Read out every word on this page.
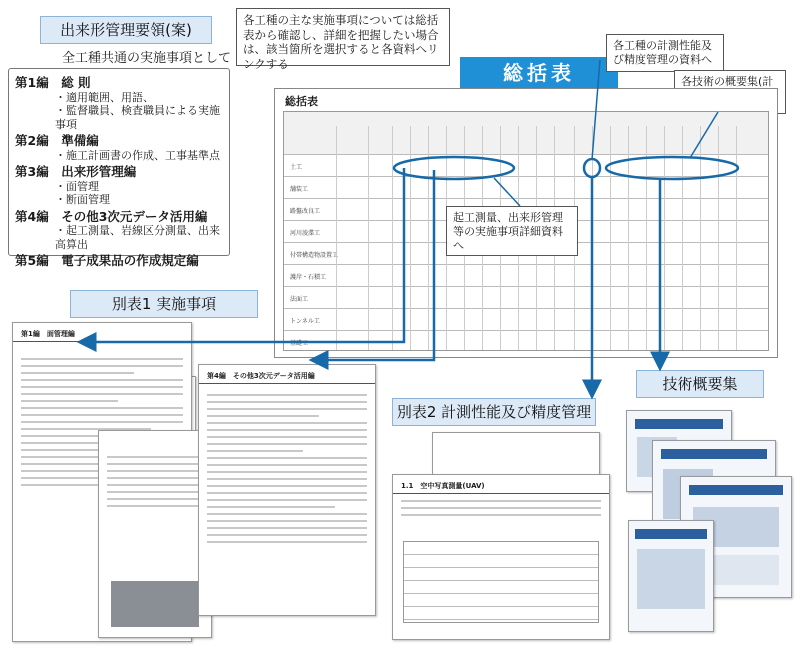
出来形管理要領(案)
全工種共通の実施事項として
第1編　総 則
・適用範囲、用語、
・監督職員、検査職員による実施事項
第2編　準備編
・施工計画書の作成、工事基準点
第3編　出来形管理編
・面管理
・断面管理
第4編　その他3次元データ活用編
・起工測量、岩線区分測量、出来高算出
第5編　電子成果品の作成規定編
各工種の主な実施事項については総括表から確認し、詳細を把握したい場合は、該当箇所を選択すると各資料へリンクする	総括表
各工種の計測性能及び精度管理の資料へ
各技術の概要集(計
総括表
土工
舗装工
路盤改良工
河川浚渫工
付帯構造物設置工
護岸・石積工
法面工
トンネル工
基礎工
起工測量、出来形管理等の実施事項詳細資料へ
別表1 実施事項
別表2 計測性能及び精度管理
技術概要集
第1編　面管理編
第4編　その他3次元データ活用編
1.1　空中写真測量(UAV)
